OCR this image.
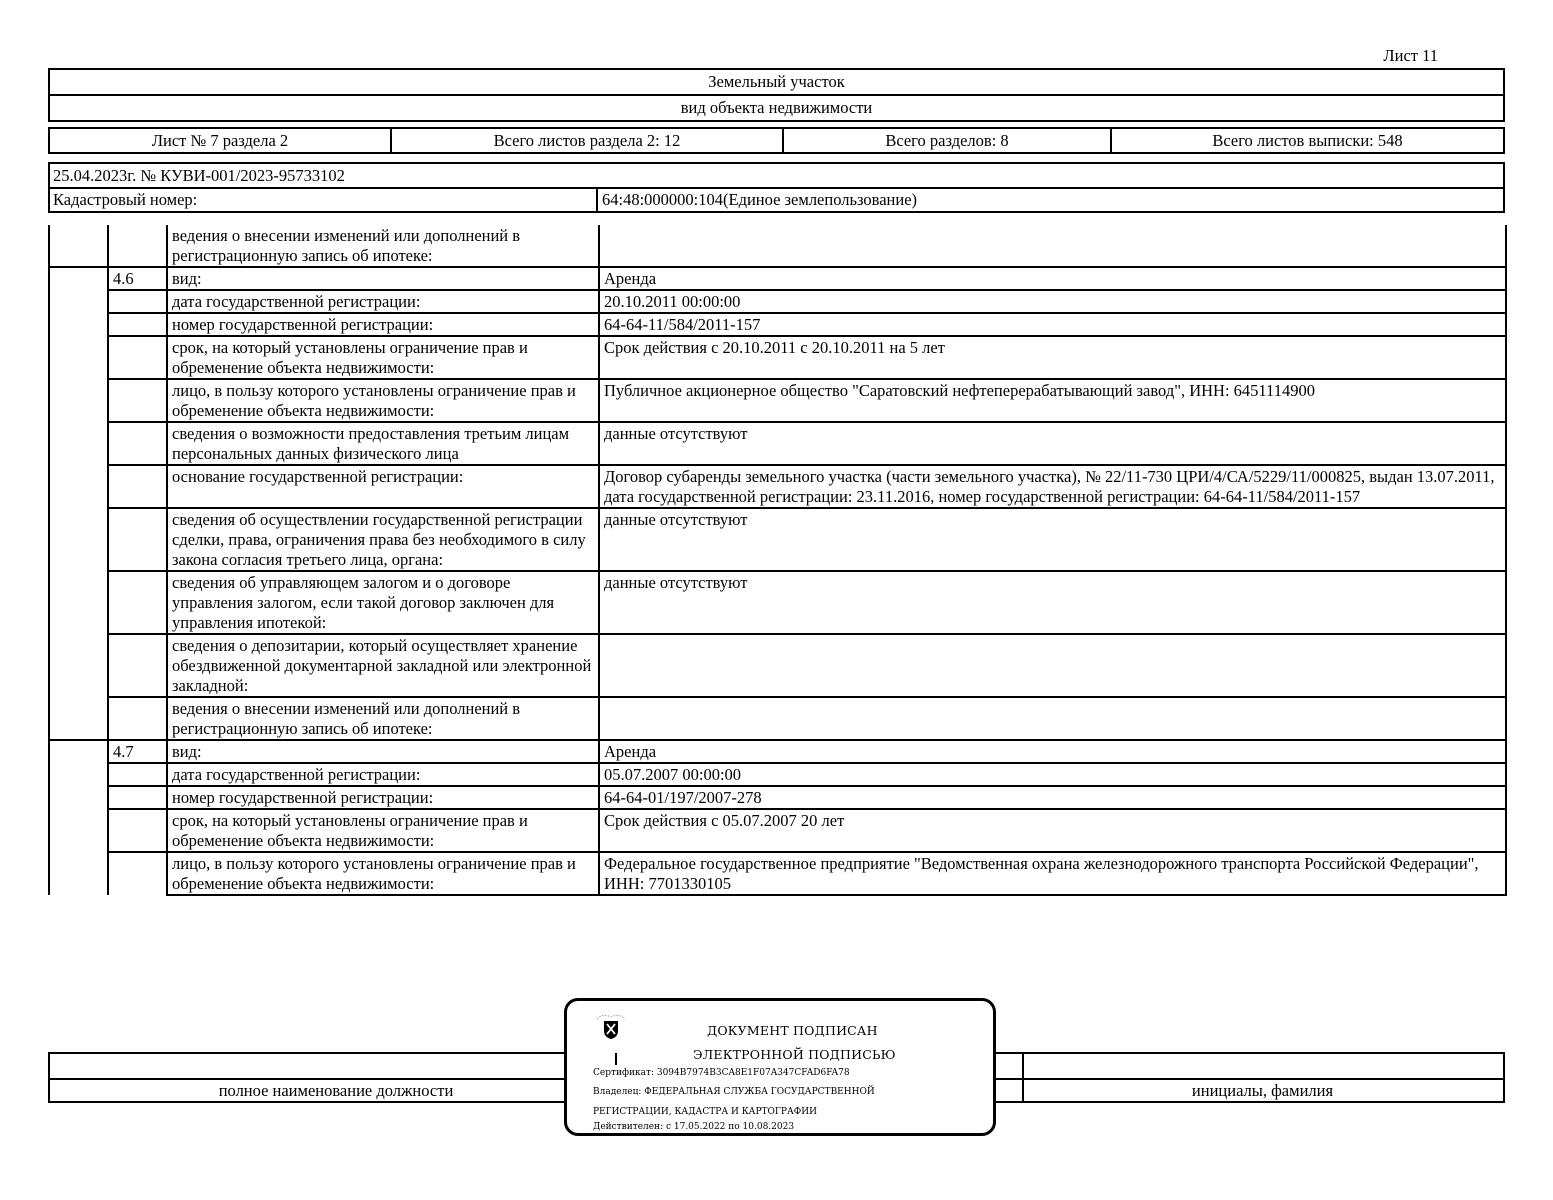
Лист 11
Земельный участок
вид объекта недвижимости
Лист № 7 раздела 2	Всего листов раздела 2: 12	Всего разделов: 8	Всего листов выписки: 548
25.04.2023г. № КУВИ-001/2023-95733102
Кадастровый номер:	64:48:000000:104(Единое землепользование)
		ведения о внесении изменений или дополнений в регистрационную запись об ипотеке:	
	4.6	вид:	Аренда
		дата государственной регистрации:	20.10.2011 00:00:00
		номер государственной регистрации:	64-64-11/584/2011-157
		срок, на который установлены ограничение прав и обременение объекта недвижимости:	Срок действия с 20.10.2011 с 20.10.2011 на 5 лет
		лицо, в пользу которого установлены ограничение прав и обременение объекта недвижимости:	Публичное акционерное общество "Саратовский нефтеперерабатывающий завод", ИНН: 6451114900
		сведения о возможности предоставления третьим лицам персональных данных физического лица	данные отсутствуют
		основание государственной регистрации:	Договор субаренды земельного участка (части земельного участка), № 22/11-730 ЦРИ/4/СА/5229/11/000825, выдан 13.07.2011, дата государственной регистрации: 23.11.2016, номер государственной регистрации: 64-64-11/584/2011-157
		сведения об осуществлении государственной регистрации сделки, права, ограничения права без необходимого в силу закона согласия третьего лица, органа:	данные отсутствуют
		сведения об управляющем залогом и о договоре управления залогом, если такой договор заключен для управления ипотекой:	данные отсутствуют
		сведения о депозитарии, который осуществляет хранение обездвиженной документарной закладной или электронной закладной:	
		ведения о внесении изменений или дополнений в регистрационную запись об ипотеке:	
	4.7	вид:	Аренда
		дата государственной регистрации:	05.07.2007 00:00:00
		номер государственной регистрации:	64-64-01/197/2007-278
		срок, на который установлены ограничение прав и обременение объекта недвижимости:	Срок действия с 05.07.2007 20 лет
		лицо, в пользу которого установлены ограничение прав и обременение объекта недвижимости:	Федеральное государственное предприятие "Ведомственная охрана железнодорожного транспорта Российской Федерации", ИНН: 7701330105
полное наименование должности	инициалы, фамилия
ДОКУМЕНТ ПОДПИСАН
ЭЛЕКТРОННОЙ ПОДПИСЬЮ
Сертификат: 3094B7974B3CA8E1F07A347CFAD6FA78
Владелец: ФЕДЕРАЛЬНАЯ СЛУЖБА ГОСУДАРСТВЕННОЙ
РЕГИСТРАЦИИ, КАДАСТРА И КАРТОГРАФИИ
Действителен: с 17.05.2022 по 10.08.2023
